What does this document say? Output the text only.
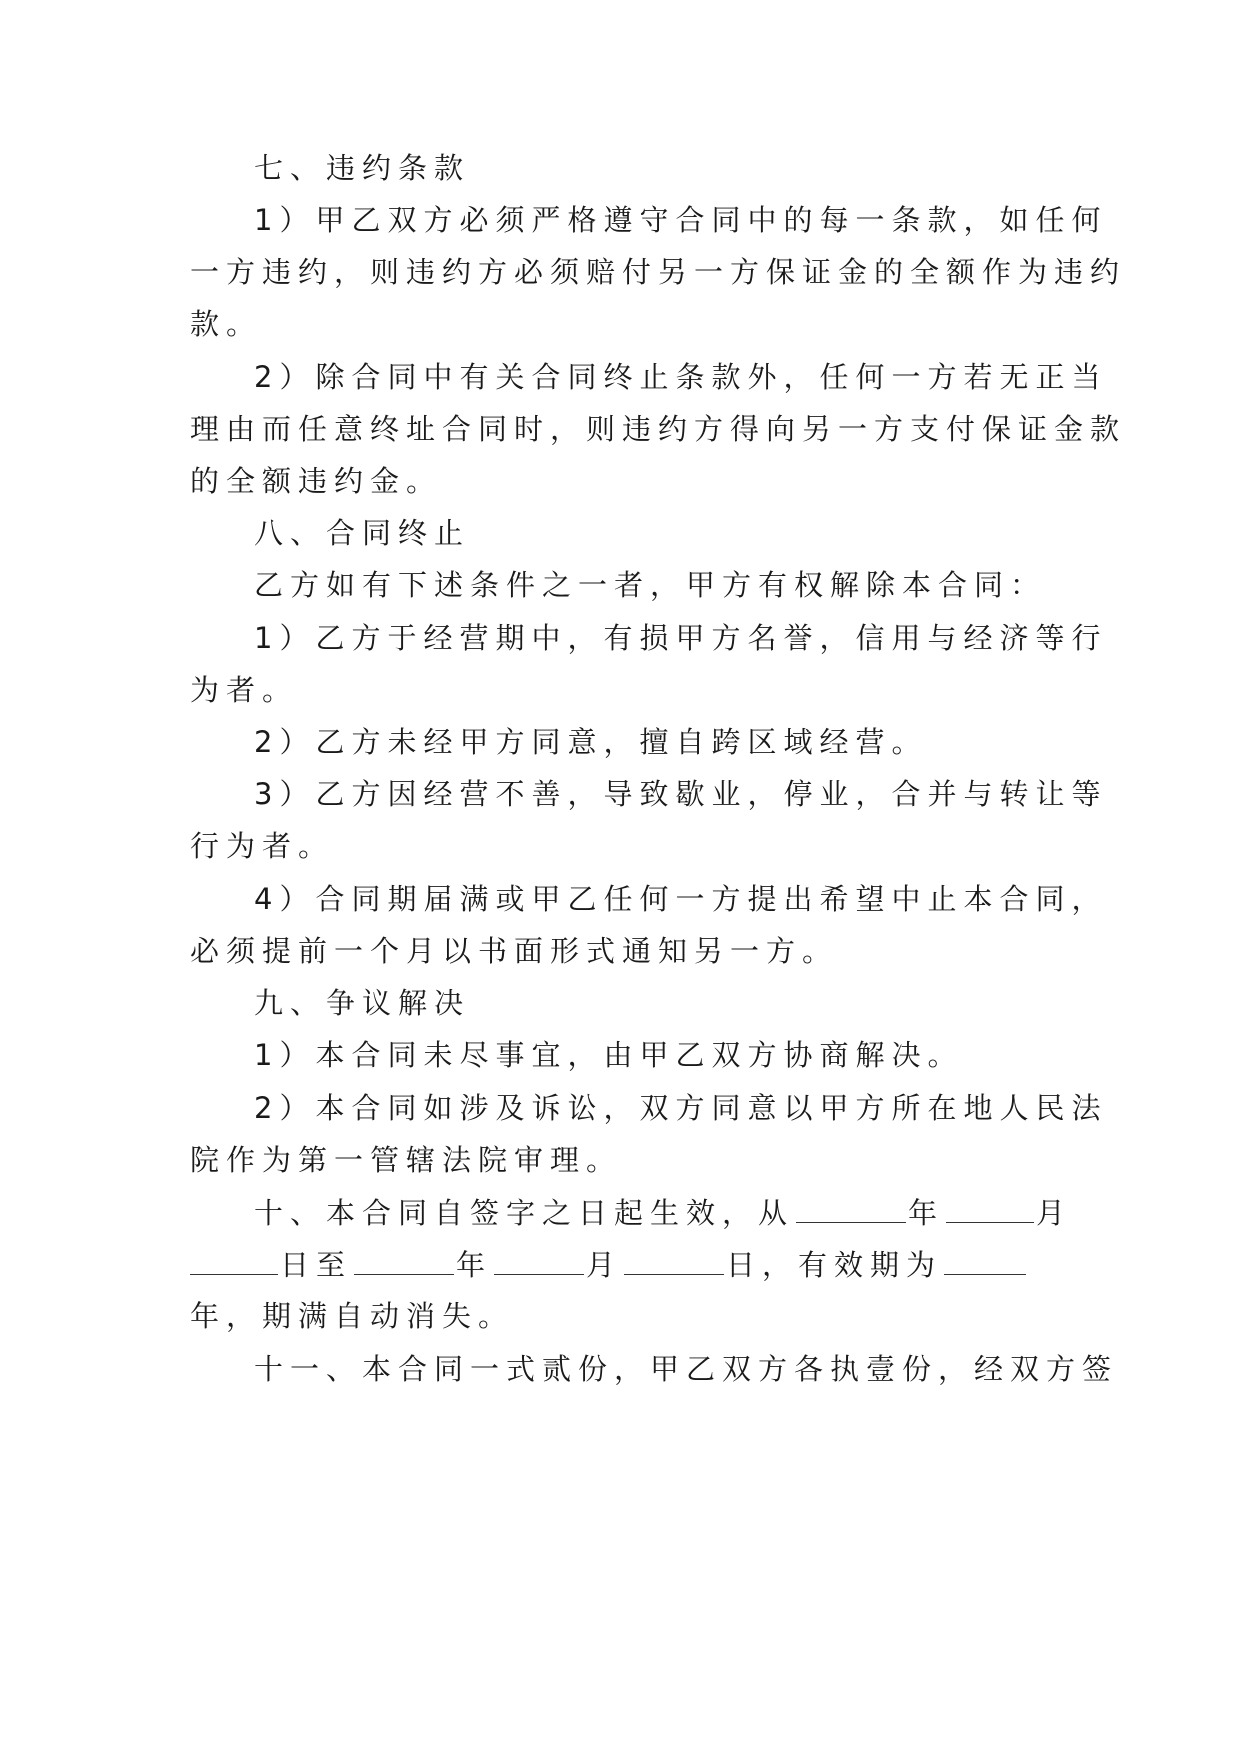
七、违约条款
1）甲乙双方必须严格遵守合同中的每一条款，如任何
一方违约，则违约方必须赔付另一方保证金的全额作为违约
款。
2）除合同中有关合同终止条款外，任何一方若无正当
理由而任意终址合同时，则违约方得向另一方支付保证金款
的全额违约金。
八、合同终止
乙方如有下述条件之一者，甲方有权解除本合同：
1）乙方于经营期中，有损甲方名誉，信用与经济等行
为者。
2）乙方未经甲方同意，擅自跨区域经营。
3）乙方因经营不善，导致歇业，停业，合并与转让等
行为者。
4）合同期届满或甲乙任何一方提出希望中止本合同，
必须提前一个月以书面形式通知另一方。
九、争议解决
1）本合同未尽事宜，由甲乙双方协商解决。
2）本合同如涉及诉讼，双方同意以甲方所在地人民法
院作为第一管辖法院审理。
十、本合同自签字之日起生效，从	年	月
日至	年	月	日，有效期为
年，期满自动消失。
十一、本合同一式贰份，甲乙双方各执壹份，经双方签
